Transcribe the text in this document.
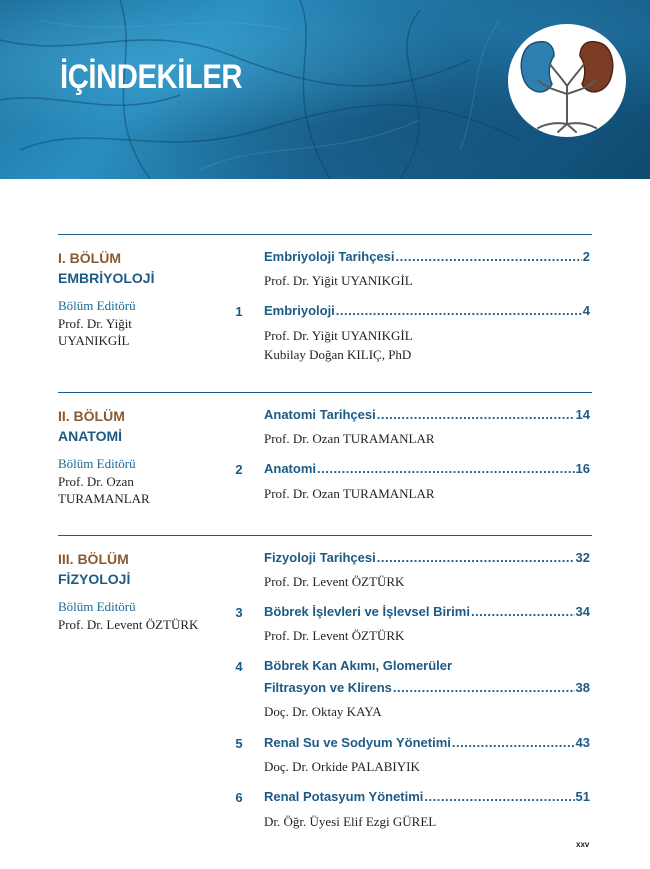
İÇİNDEKİLER
I. BÖLÜM
EMBRİYOLOJİ
Bölüm Editörü
Prof. Dr. Yiğit
UYANIKGİL
Embriyoloji Tarihçesi .....	2
Prof. Dr. Yiğit UYANIKGİL
1 Embriyoloji .....	4
Prof. Dr. Yiğit UYANIKGİL
Kubilay Doğan KILIÇ, PhD
II. BÖLÜM
ANATOMİ
Bölüm Editörü
Prof. Dr. Ozan
TURAMANLAR
Anatomi Tarihçesi .....	14
Prof. Dr. Ozan TURAMANLAR
2 Anatomi .....	16
Prof. Dr. Ozan TURAMANLAR
III. BÖLÜM
FİZYOLOJİ
Bölüm Editörü
Prof. Dr. Levent ÖZTÜRK
Fizyoloji Tarihçesi .....	32
Prof. Dr. Levent ÖZTÜRK
3 Böbrek İşlevleri ve İşlevsel Birimi .....	34
Prof. Dr. Levent ÖZTÜRK
4 Böbrek Kan Akımı, Glomerüler
Filtrasyon ve Klirens .....	38
Doç. Dr. Oktay KAYA
5 Renal Su ve Sodyum Yönetimi .....	43
Doç. Dr. Orkide PALABIYIK
6 Renal Potasyum Yönetimi .....	51
Dr. Öğr. Üyesi Elif Ezgi GÜREL
xxv
